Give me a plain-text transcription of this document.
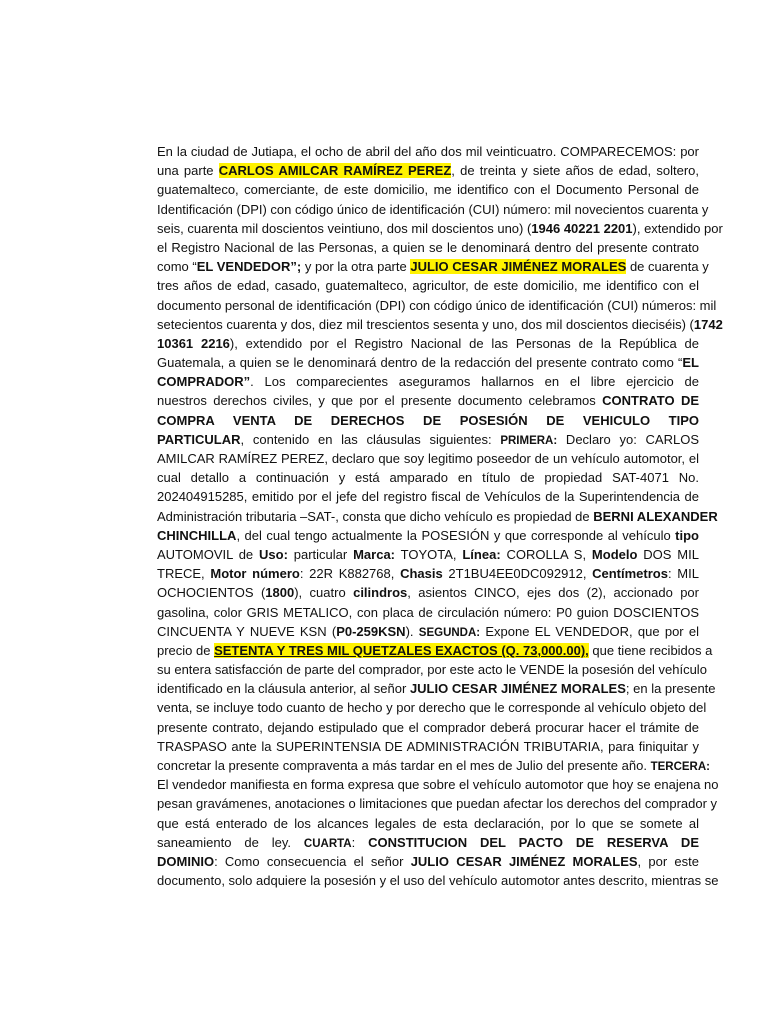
En la ciudad de Jutiapa, el ocho de abril del año dos mil veinticuatro. COMPARECEMOS: por
una parte CARLOS AMILCAR RAMÍREZ PEREZ, de treinta y siete años de edad, soltero,
guatemalteco, comerciante, de este domicilio, me identifico con el Documento Personal de
Identificación (DPI) con código único de identificación (CUI) número: mil novecientos cuarenta y
seis, cuarenta mil doscientos veintiuno, dos mil doscientos uno) (1946 40221 2201), extendido por
el Registro Nacional de las Personas, a quien se le denominará dentro del presente contrato
como “EL VENDEDOR”; y por la otra parte JULIO CESAR JIMÉNEZ MORALES de cuarenta y
tres años de edad, casado, guatemalteco, agricultor, de este domicilio, me identifico con el
documento personal de identificación (DPI) con código único de identificación (CUI) números: mil
setecientos cuarenta y dos, diez mil trescientos sesenta y uno, dos mil doscientos dieciséis) (1742
10361 2216), extendido por el Registro Nacional de las Personas de la República de
Guatemala, a quien se le denominará dentro de la redacción del presente contrato como “EL
COMPRADOR”. Los comparecientes aseguramos hallarnos en el libre ejercicio de
nuestros derechos civiles, y que por el presente documento celebramos CONTRATO DE
COMPRA VENTA DE DERECHOS DE POSESIÓN DE VEHICULO TIPO
PARTICULAR, contenido en las cláusulas siguientes: PRIMERA: Declaro yo: CARLOS
AMILCAR RAMÍREZ PEREZ, declaro que soy legitimo poseedor de un vehículo automotor, el
cual detallo a continuación y está amparado en título de propiedad SAT-4071 No.
202404915285, emitido por el jefe del registro fiscal de Vehículos de la Superintendencia de
Administración tributaria –SAT-, consta que dicho vehículo es propiedad de BERNI ALEXANDER
CHINCHILLA, del cual tengo actualmente la POSESIÓN y que corresponde al vehículo tipo
AUTOMOVIL de Uso: particular Marca: TOYOTA, Línea: COROLLA S, Modelo DOS MIL
TRECE, Motor número: 22R K882768, Chasis 2T1BU4EE0DC092912, Centímetros: MIL
OCHOCIENTOS (1800), cuatro cilindros, asientos CINCO, ejes dos (2), accionado por
gasolina, color GRIS METALICO, con placa de circulación número: P0 guion DOSCIENTOS
CINCUENTA Y NUEVE KSN (P0-259KSN). SEGUNDA: Expone EL VENDEDOR, que por el
precio de SETENTA Y TRES MIL QUETZALES EXACTOS (Q. 73,000.00), que tiene recibidos a
su entera satisfacción de parte del comprador, por este acto le VENDE la posesión del vehículo
identificado en la cláusula anterior, al señor JULIO CESAR JIMÉNEZ MORALES; en la presente
venta, se incluye todo cuanto de hecho y por derecho que le corresponde al vehículo objeto del
presente contrato, dejando estipulado que el comprador deberá procurar hacer el trámite de
TRASPASO ante la SUPERINTENSIA DE ADMINISTRACIÓN TRIBUTARIA, para finiquitar y
concretar la presente compraventa a más tardar en el mes de Julio del presente año. TERCERA:
El vendedor manifiesta en forma expresa que sobre el vehículo automotor que hoy se enajena no
pesan gravámenes, anotaciones o limitaciones que puedan afectar los derechos del comprador y
que está enterado de los alcances legales de esta declaración, por lo que se somete al
saneamiento de ley. CUARTA: CONSTITUCION DEL PACTO DE RESERVA DE
DOMINIO: Como consecuencia el señor JULIO CESAR JIMÉNEZ MORALES, por este
documento, solo adquiere la posesión y el uso del vehículo automotor antes descrito, mientras se
